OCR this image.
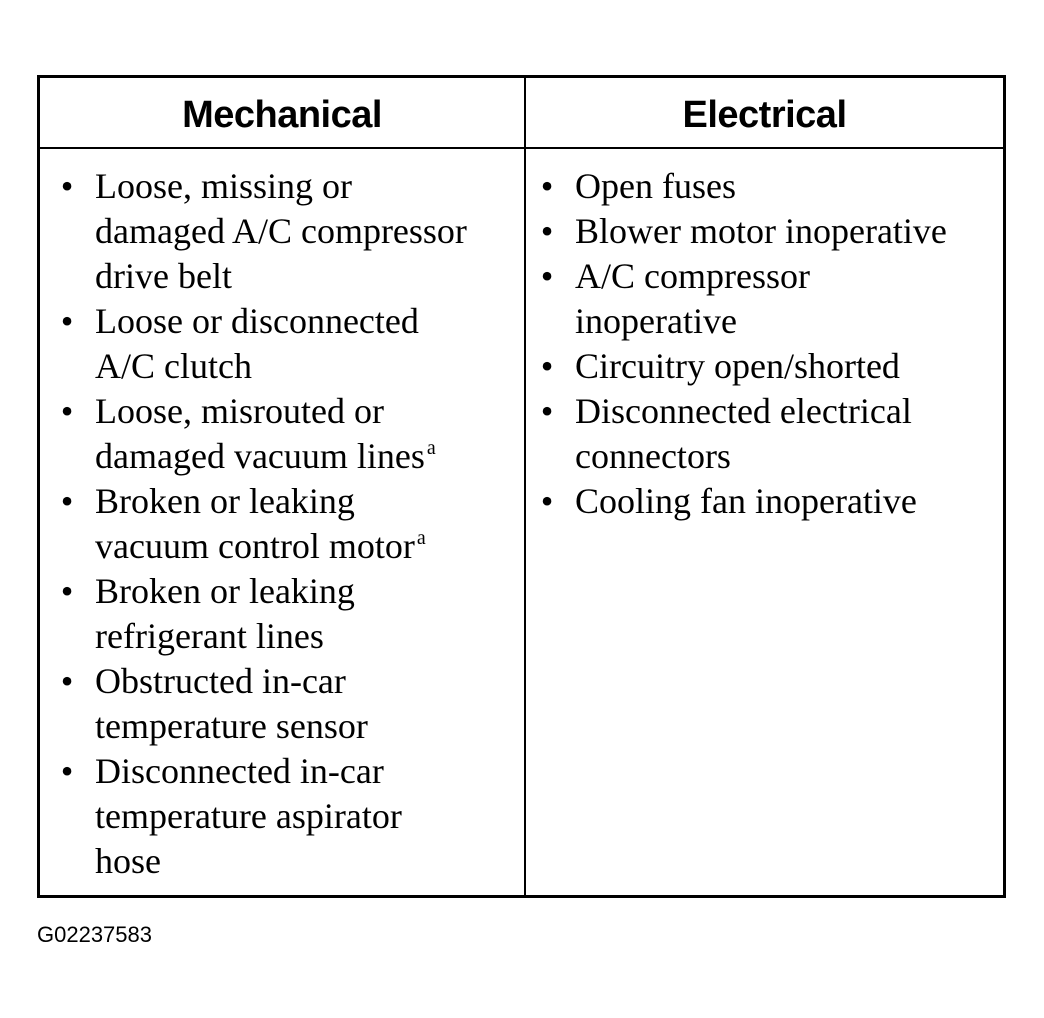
Mechanical	Electrical
• Loose, missing or
damaged A/C compressor
drive belt
• Loose or disconnected
A/C clutch
• Loose, misrouted or
damaged vacuum lines $^a$
• Broken or leaking
vacuum control motor $^a$
• Broken or leaking
refrigerant lines
• Obstructed in-car
temperature sensor
• Disconnected in-car
temperature aspirator
hose
• Open fuses
• Blower motor inoperative
• A/C compressor
inoperative
• Circuitry open/shorted
• Disconnected electrical
connectors
• Cooling fan inoperative
G02237583
